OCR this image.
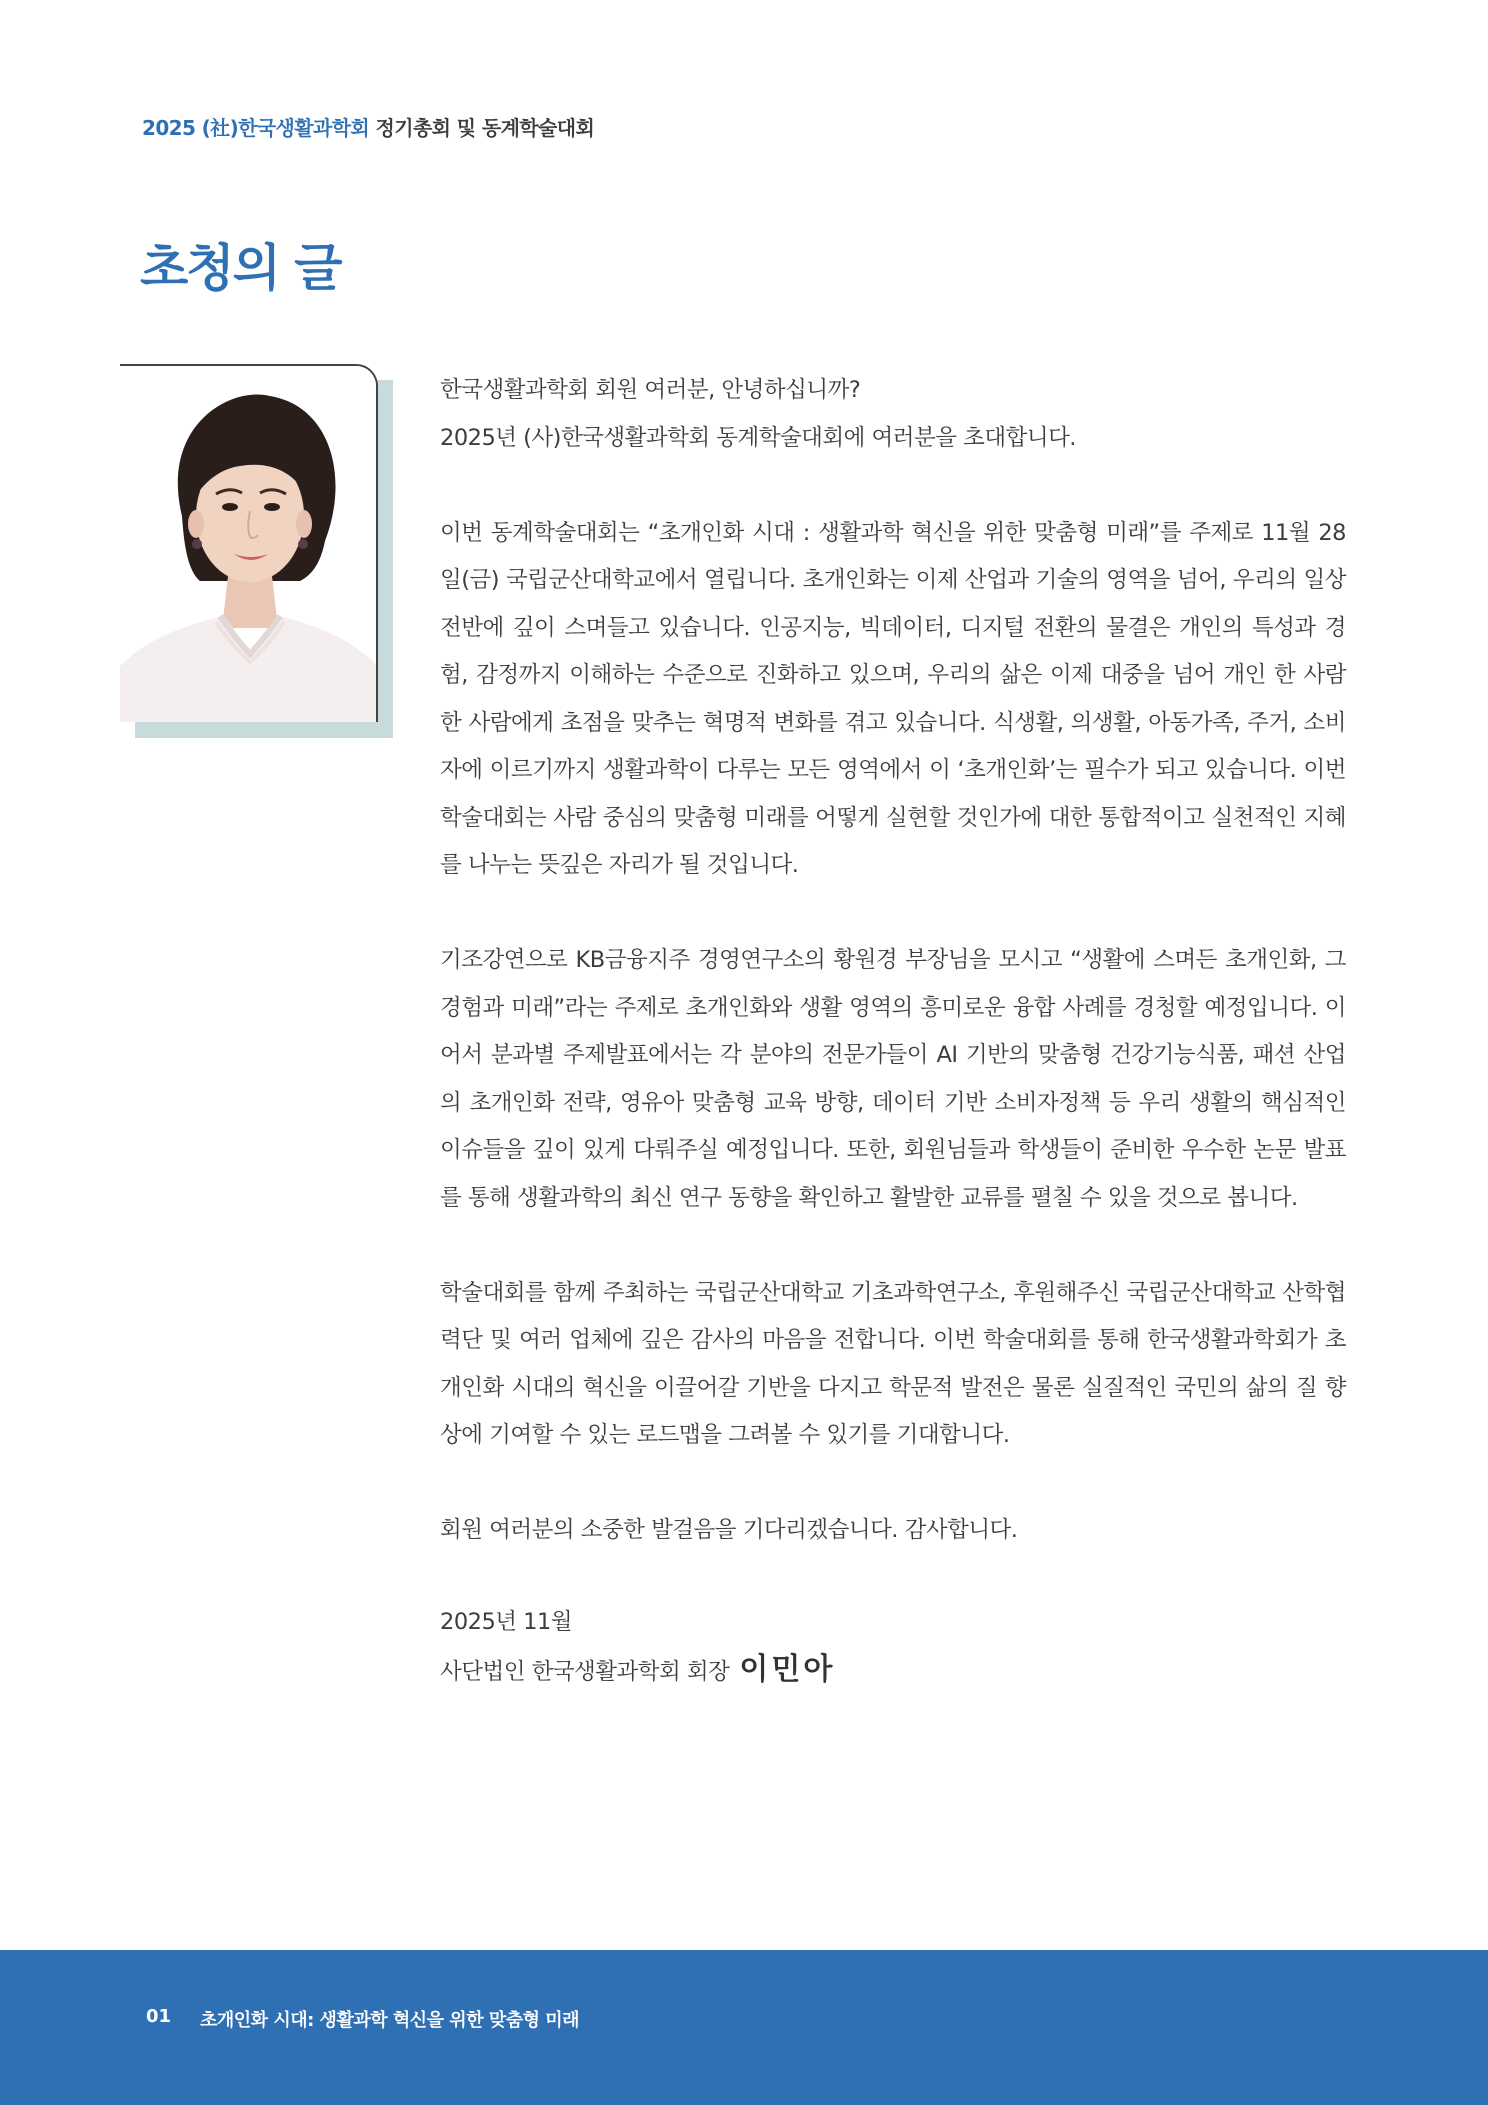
2025 (社)한국생활과학회 정기총회 및 동계학술대회
초청의 글

한국생활과학회 회원 여러분, 안녕하십니까?

2025년 (사)한국생활과학회 동계학술대회에 여러분을 초대합니다.

이번 동계학술대회는 “초개인화 시대 : 생활과학 혁신을 위한 맞춤형 미래”를 주제로 11월 28일(금) 국립군산대학교에서 열립니다. 초개인화는 이제 산업과 기술의 영역을 넘어, 우리의 일상 전반에 깊이 스며들고 있습니다. 인공지능, 빅데이터, 디지털 전환의 물결은 개인의 특성과 경험, 감정까지 이해하는 수준으로 진화하고 있으며, 우리의 삶은 이제 대중을 넘어 개인 한 사람 한 사람에게 초점을 맞추는 혁명적 변화를 겪고 있습니다. 식생활, 의생활, 아동가족, 주거, 소비자에 이르기까지 생활과학이 다루는 모든 영역에서 이 ‘초개인화’는 필수가 되고 있습니다. 이번 학술대회는 사람 중심의 맞춤형 미래를 어떻게 실현할 것인가에 대한 통합적이고 실천적인 지혜를 나누는 뜻깊은 자리가 될 것입니다.

기조강연으로 KB금융지주 경영연구소의 황원경 부장님을 모시고 “생활에 스며든 초개인화, 그 경험과 미래”라는 주제로 초개인화와 생활 영역의 흥미로운 융합 사례를 경청할 예정입니다. 이어서 분과별 주제발표에서는 각 분야의 전문가들이 AI 기반의 맞춤형 건강기능식품, 패션 산업의 초개인화 전략, 영유아 맞춤형 교육 방향, 데이터 기반 소비자정책 등 우리 생활의 핵심적인 이슈들을 깊이 있게 다뤄주실 예정입니다. 또한, 회원님들과 학생들이 준비한 우수한 논문 발표를 통해 생활과학의 최신 연구 동향을 확인하고 활발한 교류를 펼칠 수 있을 것으로 봅니다.

학술대회를 함께 주최하는 국립군산대학교 기초과학연구소, 후원해주신 국립군산대학교 산학협력단 및 여러 업체에 깊은 감사의 마음을 전합니다. 이번 학술대회를 통해 한국생활과학회가 초개인화 시대의 혁신을 이끌어갈 기반을 다지고 학문적 발전은 물론 실질적인 국민의 삶의 질 향상에 기여할 수 있는 로드맵을 그려볼 수 있기를 기대합니다.

회원 여러분의 소중한 발걸음을 기다리겠습니다. 감사합니다.

2025년 11월

사단법인 한국생활과학회 회장 이민아

01 초개인화 시대: 생활과학 혁신을 위한 맞춤형 미래
